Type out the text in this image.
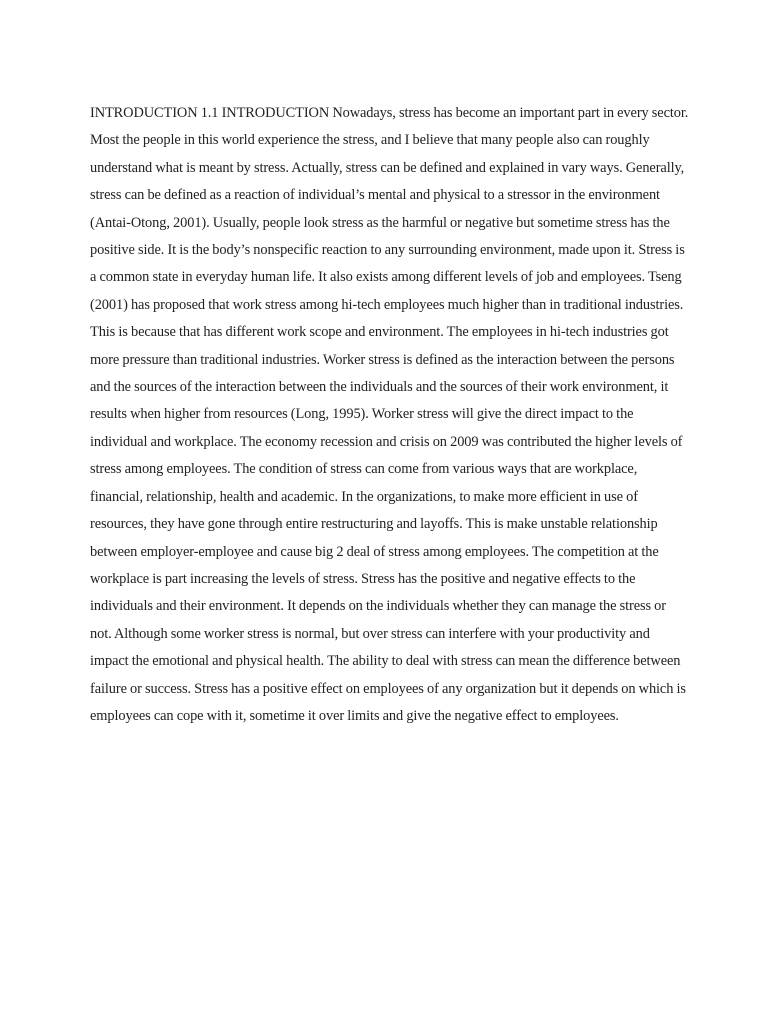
INTRODUCTION 1.1 INTRODUCTION Nowadays, stress has become an important part in every sector. Most the people in this world experience the stress, and I believe that many people also can roughly understand what is meant by stress. Actually, stress can be defined and explained in vary ways. Generally, stress can be defined as a reaction of individual’s mental and physical to a stressor in the environment (Antai-Otong, 2001). Usually, people look stress as the harmful or negative but sometime stress has the positive side. It is the body’s nonspecific reaction to any surrounding environment, made upon it. Stress is a common state in everyday human life. It also exists among different levels of job and employees. Tseng (2001) has proposed that work stress among hi-tech employees much higher than in traditional industries. This is because that has different work scope and environment. The employees in hi-tech industries got more pressure than traditional industries. Worker stress is defined as the interaction between the persons and the sources of the interaction between the individuals and the sources of their work environment, it results when higher from resources (Long, 1995). Worker stress will give the direct impact to the individual and workplace. The economy recession and crisis on 2009 was contributed the higher levels of stress among employees. The condition of stress can come from various ways that are workplace, financial, relationship, health and academic. In the organizations, to make more efficient in use of resources, they have gone through entire restructuring and layoffs. This is make unstable relationship between employer-employee and cause big 2 deal of stress among employees. The competition at the workplace is part increasing the levels of stress. Stress has the positive and negative effects to the individuals and their environment. It depends on the individuals whether they can manage the stress or not. Although some worker stress is normal, but over stress can interfere with your productivity and impact the emotional and physical health. The ability to deal with stress can mean the difference between failure or success. Stress has a positive effect on employees of any organization but it depends on which is employees can cope with it, sometime it over limits and give the negative effect to employees.
